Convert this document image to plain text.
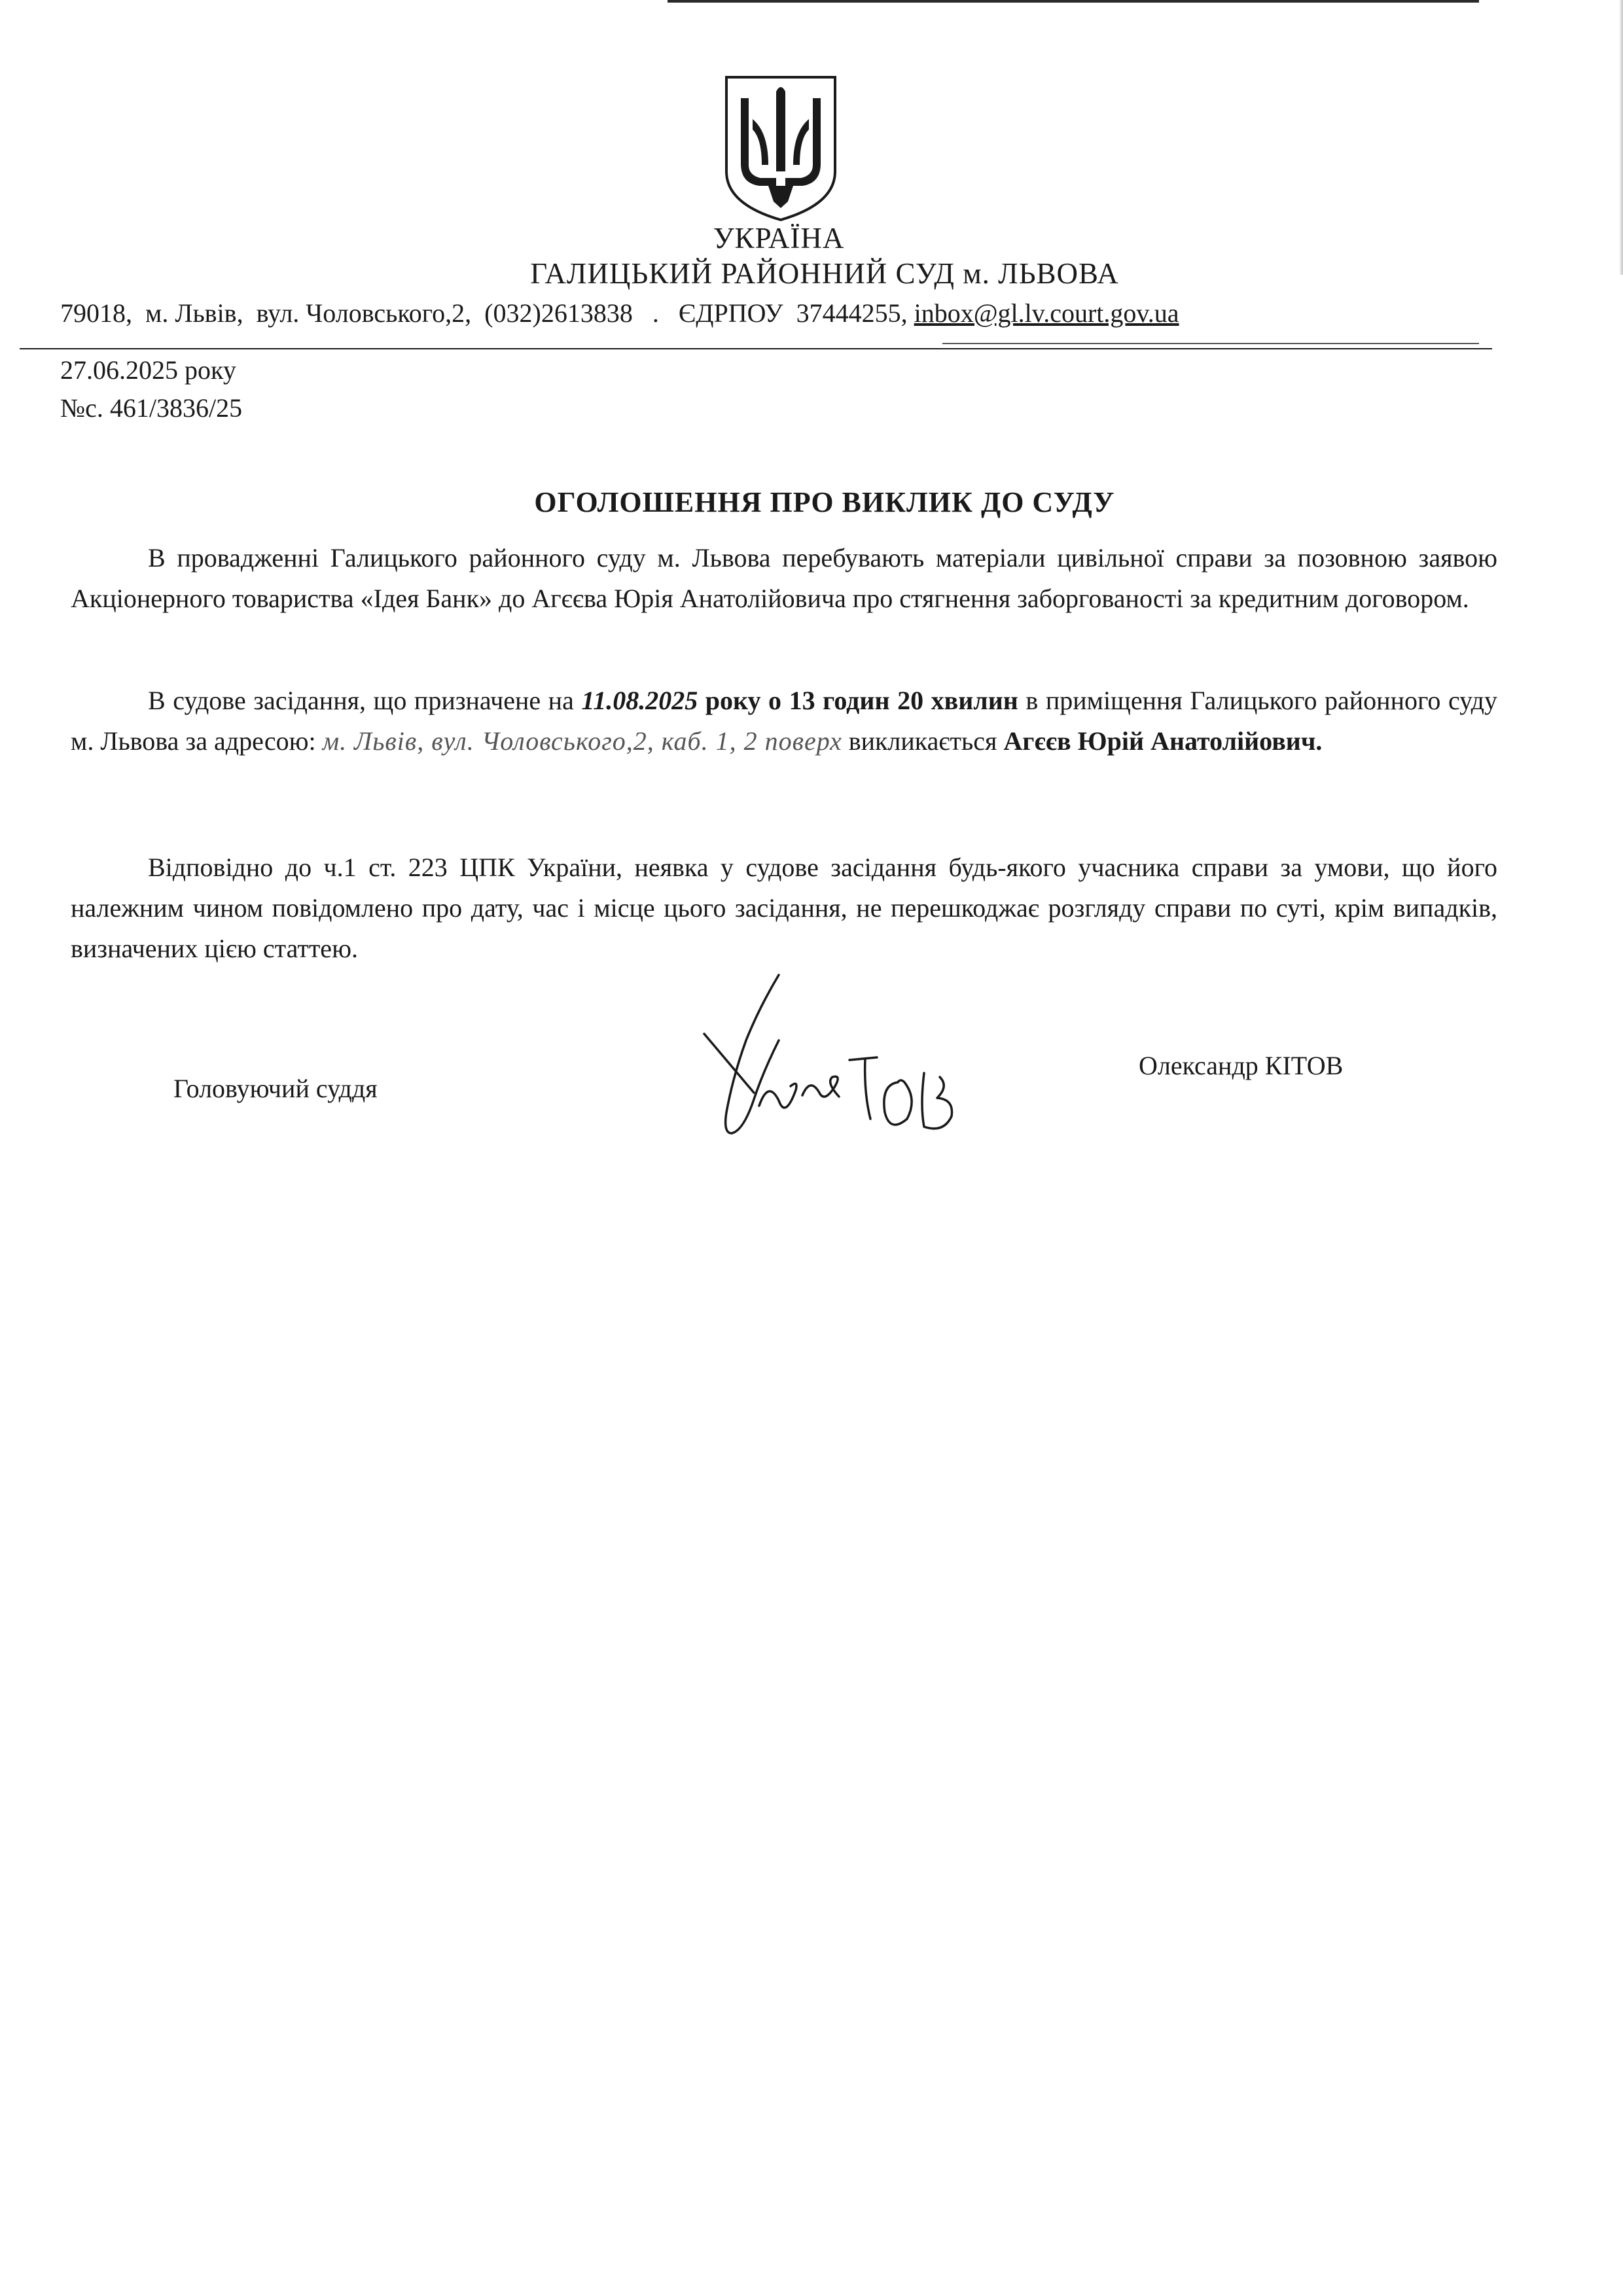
УКРАЇНА
ГАЛИЦЬКИЙ РАЙОННИЙ СУД м. ЛЬВОВА
79018,  м. Львів,  вул. Чоловського,2,  (032)2613838   .   ЄДРПОУ  37444255, inbox@gl.lv.court.gov.ua
27.06.2025 року
№с. 461/3836/25
ОГОЛОШЕННЯ ПРО ВИКЛИК ДО СУДУ
В провадженні Галицького районного суду м. Львова перебувають матеріали цивільної справи за позовною заявою Акціонерного товариства «Ідея Банк» до Агєєва Юрія Анатолійовича про стягнення заборгованості за кредитним договором.
В судове засідання, що призначене на 11.08.2025 року о 13 годин 20 хвилин в приміщення Галицького районного суду м. Львова за адресою: м. Львів, вул. Чоловського,2, каб. 1, 2 поверх викликається Агєєв Юрій Анатолійович.
Відповідно до ч.1 ст. 223 ЦПК України, неявка у судове засідання будь-якого учасника справи за умови, що його належним чином повідомлено про дату, час і місце цього засідання, не перешкоджає розгляду справи по суті, крім випадків, визначених цією статтею.
Головуючий суддя
Олександр КІТОВ
